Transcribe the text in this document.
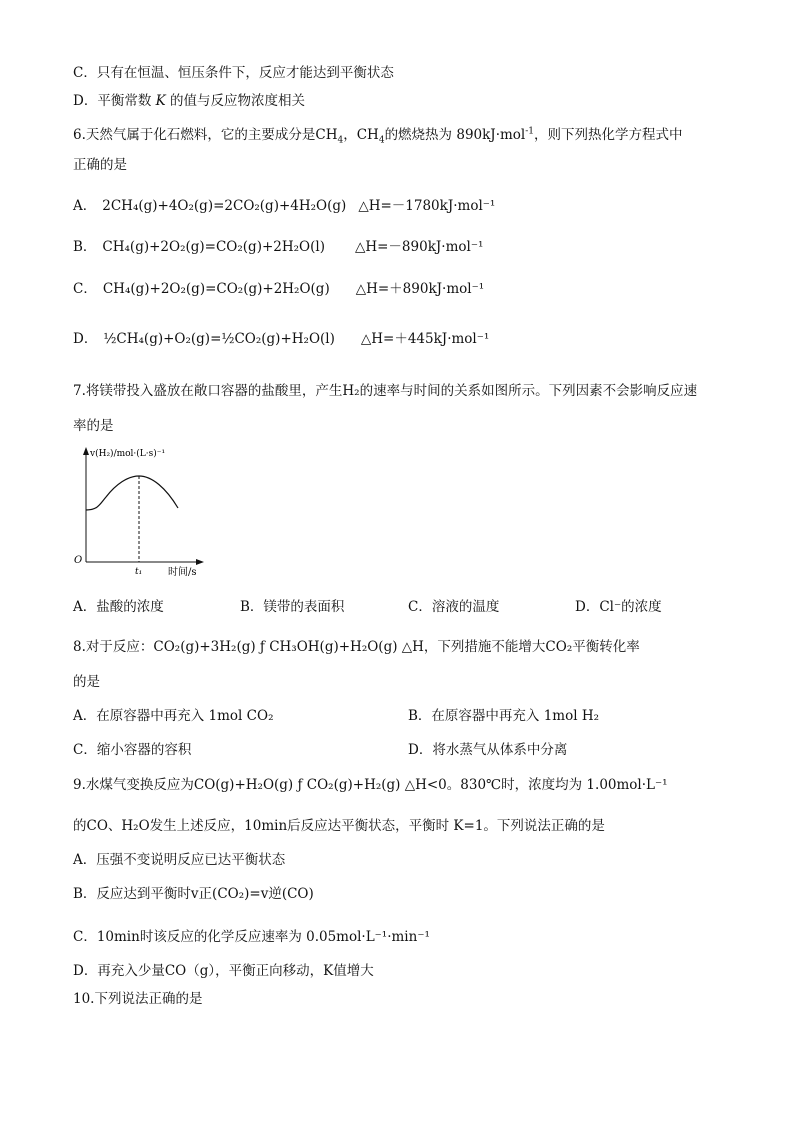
C．只有在恒温、恒压条件下，反应才能达到平衡状态
D．平衡常数 K 的值与反应物浓度相关
6.天然气属于化石燃料，它的主要成分是$CH_4$，$CH_4$的燃烧热为 890kJ·mol$^{-1}$，则下列热化学方程式中
正确的是
A． 2CH₄(g)+4O₂(g)=2CO₂(g)+4H₂O(g) △H=－1780kJ·mol⁻¹
B． CH₄(g)+2O₂(g)=CO₂(g)+2H₂O(l) △H=－890kJ·mol⁻¹
C． CH₄(g)+2O₂(g)=CO₂(g)+2H₂O(g) △H=＋890kJ·mol⁻¹
D． ½CH₄(g)+O₂(g)=½CO₂(g)+H₂O(l) △H=＋445kJ·mol⁻¹
7.将镁带投入盛放在敞口容器的盐酸里，产生H₂的速率与时间的关系如图所示。下列因素不会影响反应速
率的是
v(H₂)/mol·(L·s)⁻¹
O
t₁	时间/s
A．盐酸的浓度	B．镁带的表面积	C．溶液的温度	D．Cl⁻的浓度
8.对于反应：CO₂(g)+3H₂(g) ƒ CH₃OH(g)+H₂O(g) △H，下列措施不能增大CO₂平衡转化率
的是
A．在原容器中再充入 1mol CO₂	B．在原容器中再充入 1mol H₂
C．缩小容器的容积	D．将水蒸气从体系中分离
9.水煤气变换反应为CO(g)+H₂O(g) ƒ CO₂(g)+H₂(g) △H<0。830℃时，浓度均为 1.00mol·L⁻¹
的CO、H₂O发生上述反应，10min后反应达平衡状态，平衡时 K=1。下列说法正确的是
A．压强不变说明反应已达平衡状态
B．反应达到平衡时v正(CO₂)=v逆(CO)
C．10min时该反应的化学反应速率为 0.05mol·L⁻¹·min⁻¹
D．再充入少量CO（g），平衡正向移动，K值增大
10.下列说法正确的是
